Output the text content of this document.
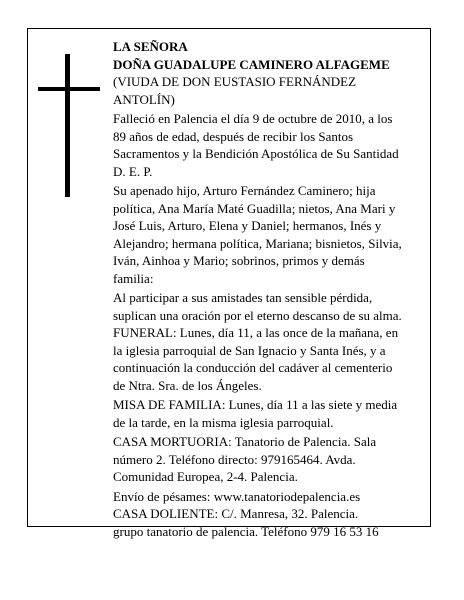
LA SEÑORA
DOÑA GUADALUPE CAMINERO ALFAGEME
(VIUDA DE DON EUSTASIO FERNÁNDEZ
ANTOLÍN)
Falleció en Palencia el día 9 de octubre de 2010, a los
89 años de edad, después de recibir los Santos
Sacramentos y la Bendición Apostólica de Su Santidad
D. E. P.
Su apenado hijo, Arturo Fernández Caminero; hija
política, Ana María Maté Guadilla; nietos, Ana Mari y
José Luis, Arturo, Elena y Daniel; hermanos, Inés y
Alejandro; hermana política, Mariana; bisnietos, Silvia,
Iván, Ainhoa y Mario; sobrinos, primos y demás
familia:
Al participar a sus amistades tan sensible pérdida,
suplican una oración por el eterno descanso de su alma.
FUNERAL: Lunes, día 11, a las once de la mañana, en
la iglesia parroquial de San Ignacio y Santa Inés, y a
continuación la conducción del cadáver al cementerio
de Ntra. Sra. de los Ángeles.
MISA DE FAMILIA: Lunes, día 11 a las siete y media
de la tarde, en la misma iglesia parroquial.
CASA MORTUORIA: Tanatorio de Palencia. Sala
número 2. Teléfono directo: 979165464. Avda.
Comunidad Europea, 2-4. Palencia.
Envío de pésames: www.tanatoriodepalencia.es
CASA DOLIENTE: C/. Manresa, 32. Palencia.
grupo tanatorio de palencia. Teléfono 979 16 53 16
